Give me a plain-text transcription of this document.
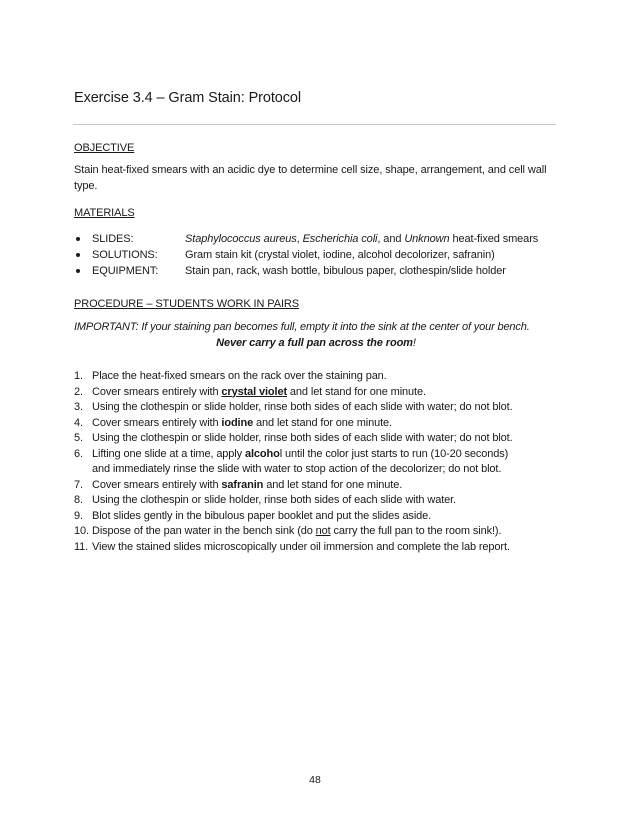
Exercise 3.4 – Gram Stain: Protocol
OBJECTIVE
Stain heat-fixed smears with an acidic dye to determine cell size, shape, arrangement, and cell wall type.
MATERIALS
SLIDES:	Staphylococcus aureus, Escherichia coli, and Unknown heat-fixed smears
SOLUTIONS: Gram stain kit (crystal violet, iodine, alcohol decolorizer, safranin)
EQUIPMENT: Stain pan, rack, wash bottle, bibulous paper, clothespin/slide holder
PROCEDURE – STUDENTS WORK IN PAIRS
IMPORTANT: If your staining pan becomes full, empty it into the sink at the center of your bench.
Never carry a full pan across the room!
1. Place the heat-fixed smears on the rack over the staining pan.
2. Cover smears entirely with crystal violet and let stand for one minute.
3. Using the clothespin or slide holder, rinse both sides of each slide with water; do not blot.
4. Cover smears entirely with iodine and let stand for one minute.
5. Using the clothespin or slide holder, rinse both sides of each slide with water; do not blot.
6. Lifting one slide at a time, apply alcohol until the color just starts to run (10-20 seconds)
and immediately rinse the slide with water to stop action of the decolorizer; do not blot.
7. Cover smears entirely with safranin and let stand for one minute.
8. Using the clothespin or slide holder, rinse both sides of each slide with water.
9. Blot slides gently in the bibulous paper booklet and put the slides aside.
10. Dispose of the pan water in the bench sink (do not carry the full pan to the room sink!).
11. View the stained slides microscopically under oil immersion and complete the lab report.
48
